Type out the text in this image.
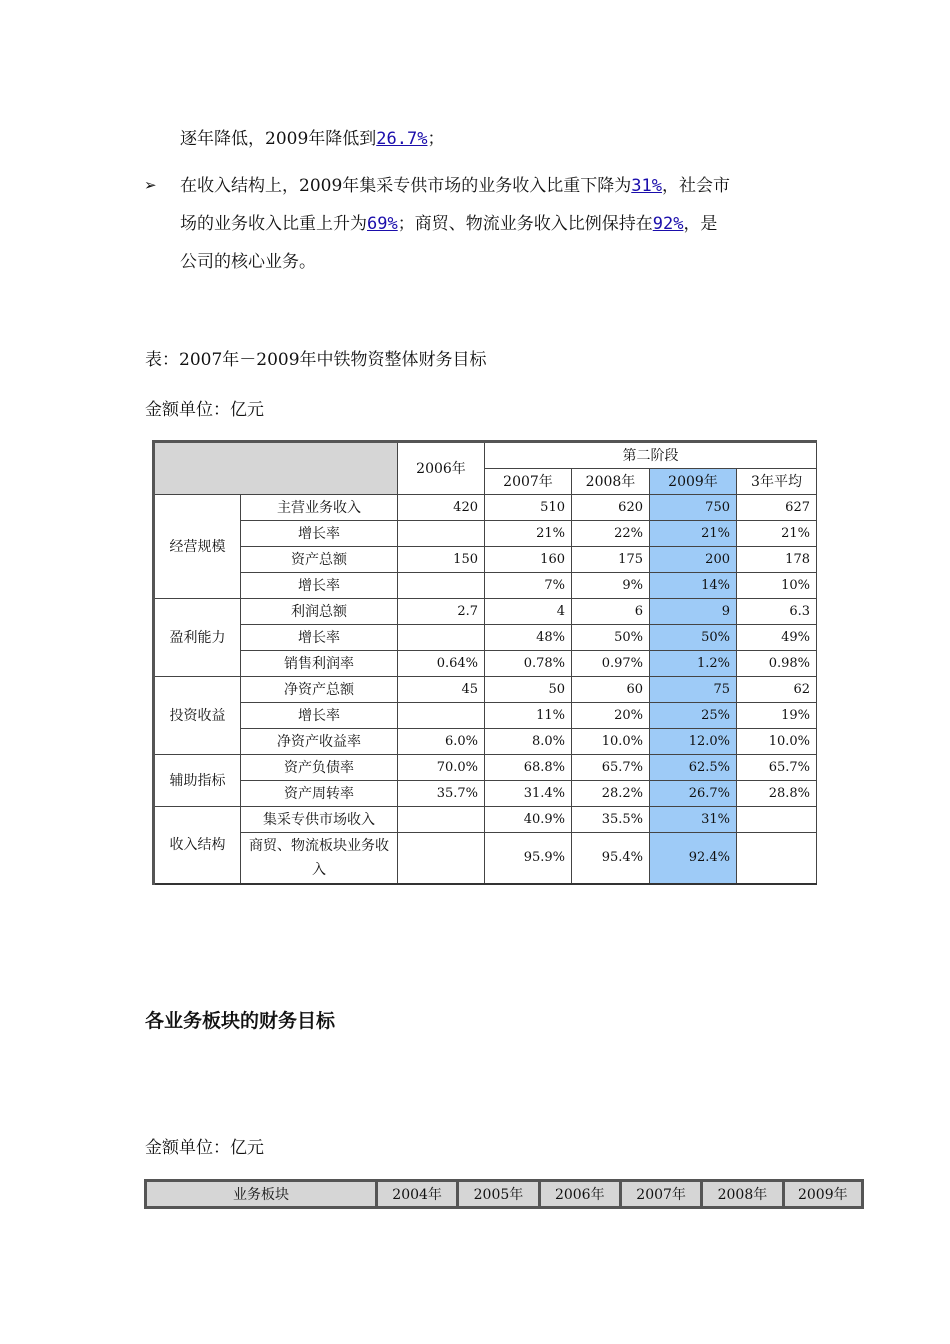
逐年降低，2009年降低到26.7%；

➢ 在收入结构上，2009年集采专供市场的业务收入比重下降为31%，社会市

场的业务收入比重上升为69%；商贸、物流业务收入比例保持在92%，是

公司的核心业务。

表：2007年－2009年中铁物资整体财务目标

金额单位：亿元

		2006年	第二阶段			
			2007年	2008年	2009年	3年平均
经营规模	主营业务收入	420	510	620	750	627
	增长率		21%	22%	21%	21%
	资产总额	150	160	175	200	178
	增长率		7%	9%	14%	10%
盈利能力	利润总额	2.7	4	6	9	6.3
	增长率		48%	50%	50%	49%
	销售利润率	0.64%	0.78%	0.97%	1.2%	0.98%
投资收益	净资产总额	45	50	60	75	62
	增长率		11%	20%	25%	19%
	净资产收益率	6.0%	8.0%	10.0%	12.0%	10.0%
辅助指标	资产负债率	70.0%	68.8%	65.7%	62.5%	65.7%
	资产周转率	35.7%	31.4%	28.2%	26.7%	28.8%
收入结构	集采专供市场收入		40.9%	35.5%	31%	
	商贸、物流板块业务收入		95.9%	95.4%	92.4%	
各业务板块的财务目标

金额单位：亿元

业务板块	2004年	2005年	2006年	2007年	2008年	2009年
